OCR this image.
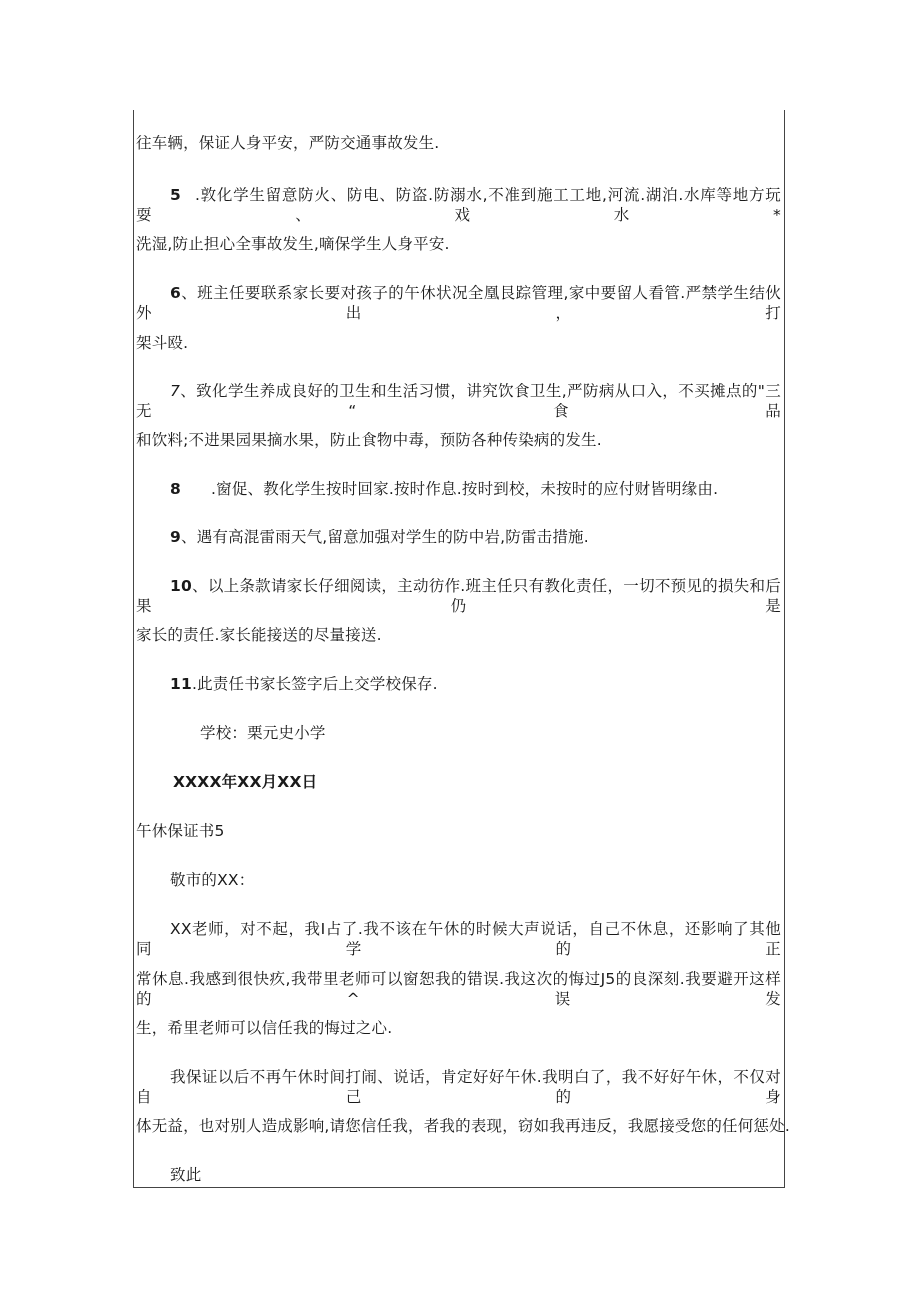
往车辆，保证人身平安，严防交通事故发生.
5 .敦化学生留意防火、防电、防盗.防溺水,不准到施工工地,河流.湖泊.水库等地方玩耍、戏水*
洗湿,防止担心全事故发生,嘀保学生人身平安.
6、班主任要联系家长要对孩子的午休状况全凰艮踪管理,家中要留人看管.严禁学生结伙外出，打
架斗殴.
7、致化学生养成良好的卫生和生活习惯，讲究饮食卫生,严防病从口入，不买摊点的"三无“食品
和饮料;不进果园果摘水果，防止食物中毒，预防各种传染病的发生.
8 .窗促、教化学生按时回家.按时作息.按时到校，未按时的应付财皆明缘由.
9、遇有高混雷雨天气,留意加强对学生的防中岩,防雷击措施.
10、以上条款请家长仔细阅读，主动彷作.班主任只有教化责任，一切不预见的损失和后果仍是
家长的责任.家长能接送的尽量接送.
11.此责任书家长签字后上交学校保存.
学校：栗元史小学
XXXX年XX月XX日
午休保证书5
敬市的XX：
XX老师，对不起，我I占了.我不该在午休的时候大声说话，自己不休息，还影响了其他同学的正
常休息.我感到很快疚,我带里老师可以窗恕我的错误.我这次的悔过J5的良深刻.我要避开这样的^误发
生，希里老师可以信任我的悔过之心.
我保证以后不再午休时间打闹、说话，肯定好好午休.我明白了，我不好好午休，不仅对自己的身
体无益，也对别人造成影响,请您信任我，者我的表现，窃如我再违反，我愿接受您的任何惩处.
致此
